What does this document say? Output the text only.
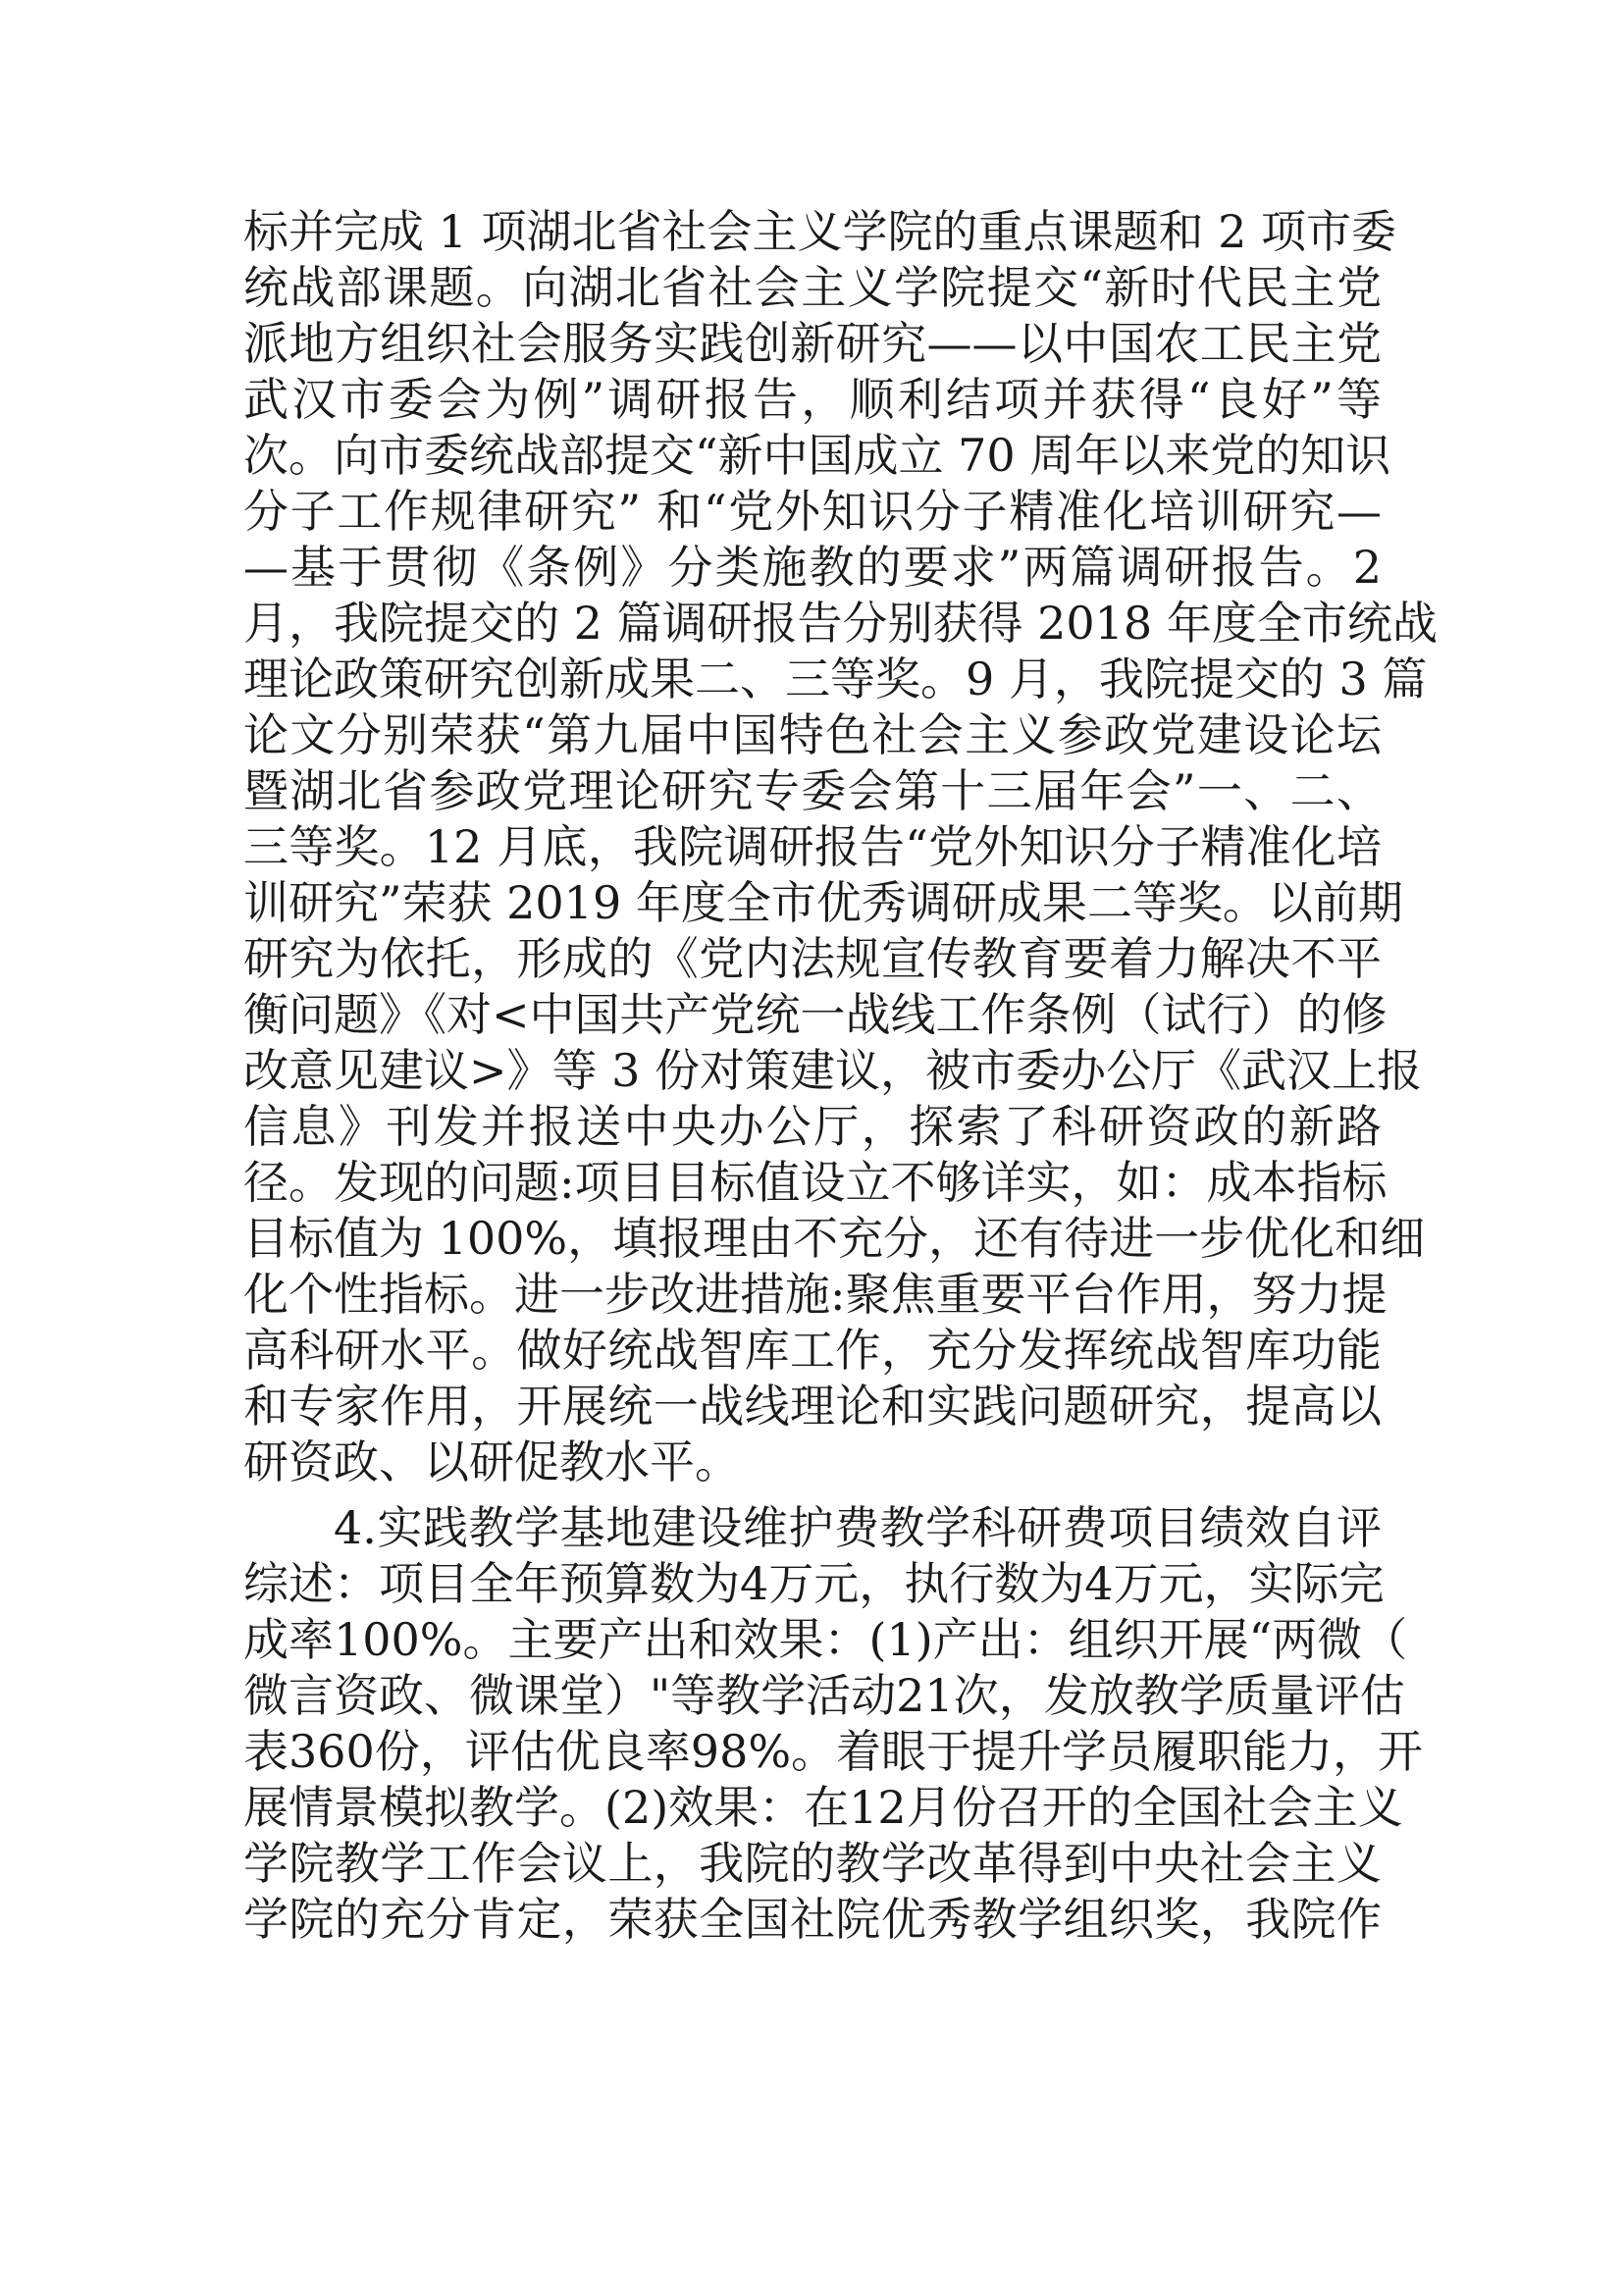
标并完成 1 项湖北省社会主义学院的重点课题和 2 项市委
统战部课题。向湖北省社会主义学院提交“新时代民主党
派地方组织社会服务实践创新研究——以中国农工民主党
武汉市委会为例”调研报告，顺利结项并获得“良好”等
次。向市委统战部提交“新中国成立 70 周年以来党的知识
分子工作规律研究” 和“党外知识分子精准化培训研究—
—基于贯彻《条例》分类施教的要求”两篇调研报告。2
月，我院提交的 2 篇调研报告分别获得 2018 年度全市统战
理论政策研究创新成果二、三等奖。9 月，我院提交的 3 篇
论文分别荣获“第九届中国特色社会主义参政党建设论坛
暨湖北省参政党理论研究专委会第十三届年会”一、二、
三等奖。12 月底，我院调研报告“党外知识分子精准化培
训研究”荣获 2019 年度全市优秀调研成果二等奖。以前期
研究为依托，形成的《党内法规宣传教育要着力解决不平
衡问题》《对<中国共产党统一战线工作条例（试行）的修
改意见建议>》等 3 份对策建议，被市委办公厅《武汉上报
信息》刊发并报送中央办公厅，探索了科研资政的新路
径。发现的问题:项目目标值设立不够详实，如：成本指标
目标值为 100%，填报理由不充分，还有待进一步优化和细
化个性指标。进一步改进措施:聚焦重要平台作用，努力提
高科研水平。做好统战智库工作，充分发挥统战智库功能
和专家作用，开展统一战线理论和实践问题研究，提高以
研资政、以研促教水平。
4.实践教学基地建设维护费教学科研费项目绩效自评
综述：项目全年预算数为4万元，执行数为4万元，实际完
成率100%。主要产出和效果：(1)产出：组织开展“两微（
微言资政、微课堂）"等教学活动21次，发放教学质量评估
表360份，评估优良率98%。着眼于提升学员履职能力，开
展情景模拟教学。(2)效果：在12月份召开的全国社会主义
学院教学工作会议上，我院的教学改革得到中央社会主义
学院的充分肯定，荣获全国社院优秀教学组织奖，我院作
